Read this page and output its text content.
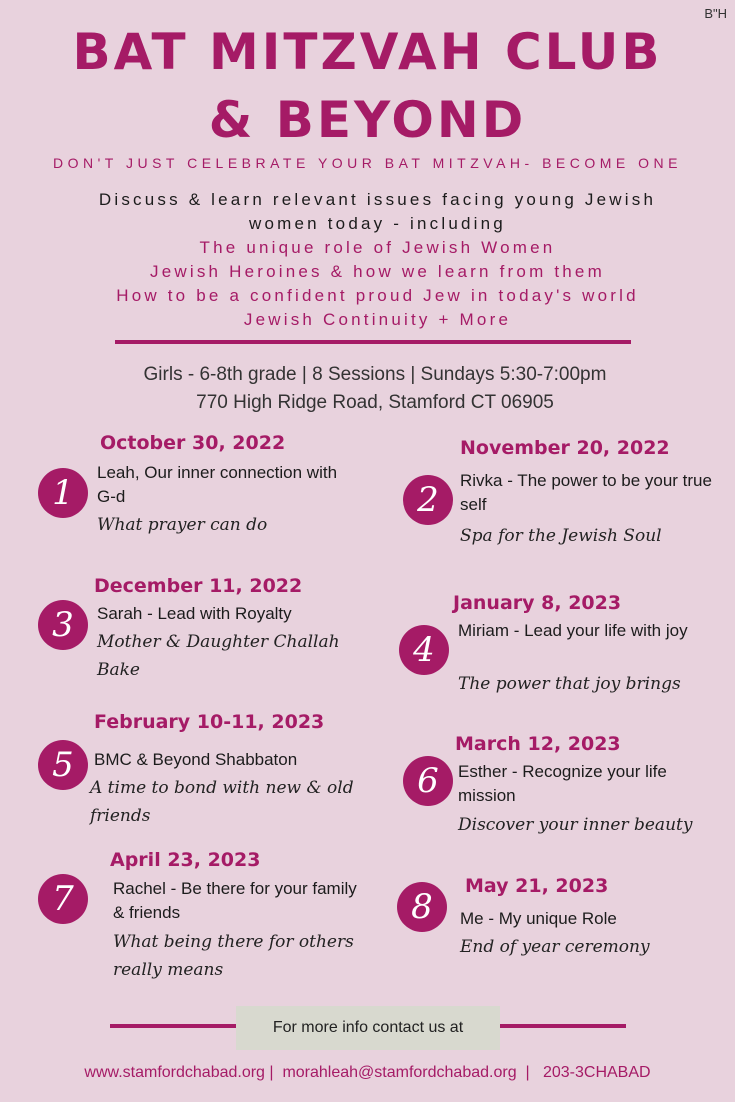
B"H
BAT MITZVAH CLUB
& BEYOND
DON'T JUST CELEBRATE YOUR BAT MITZVAH- BECOME ONE
Discuss & learn relevant issues facing young Jewish
women today - including
The unique role of Jewish Women
Jewish Heroines & how we learn from them
How to be a confident proud Jew in today's world
Jewish Continuity + More
Girls - 6-8th grade | 8 Sessions | Sundays 5:30-7:00pm
770 High Ridge Road, Stamford CT 06905
October 30, 2022
1
Leah, Our inner connection with G-d
What prayer can do
November 20, 2022
2	Rivka - The power to be your true self
Spa for the Jewish Soul
December 11, 2022
3	Sarah - Lead with Royalty
Mother & Daughter Challah Bake
January 8, 2023
4	Miriam - Lead your life with joy
The power that joy brings
February 10-11, 2023
5	BMC & Beyond Shabbaton
A time to bond with new & old friends
March 12, 2023
6	Esther - Recognize your life mission
Discover your inner beauty
April 23, 2023
7	Rachel - Be there for your family & friends
What being there for others really means
May 21, 2023
8	Me - My unique Role
End of year ceremony
For more info contact us at
www.stamfordchabad.org |  morahleah@stamfordchabad.org  |   203-3CHABAD
